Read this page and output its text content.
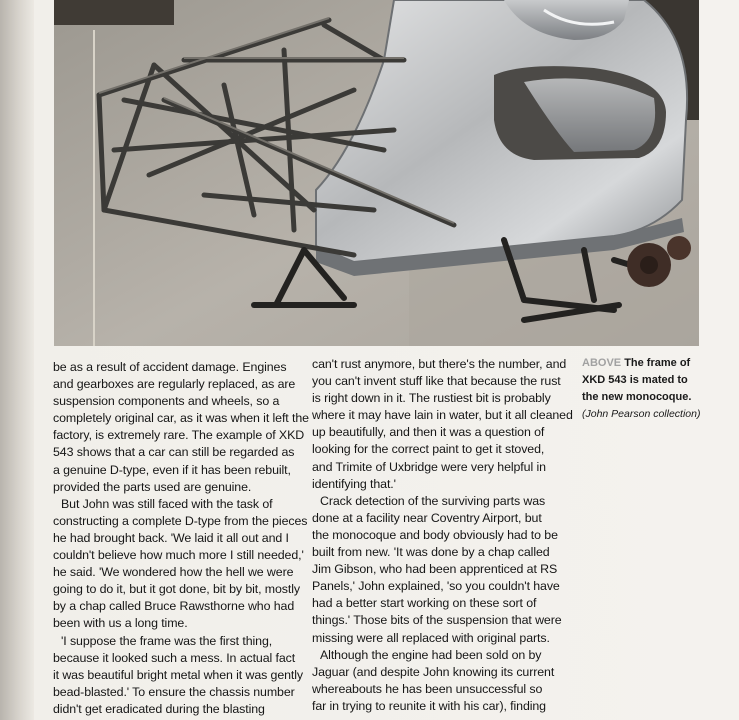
be as a result of accident damage. Engines
and gearboxes are regularly replaced, as are
suspension components and wheels, so a
completely original car, as it was when it left the
factory, is extremely rare. The example of XKD
543 shows that a car can still be regarded as
a genuine D-type, even if it has been rebuilt,
provided the parts used are genuine.
But John was still faced with the task of
constructing a complete D-type from the pieces
he had brought back. 'We laid it all out and I
couldn't believe how much more I still needed,'
he said. 'We wondered how the hell we were
going to do it, but it got done, bit by bit, mostly
by a chap called Bruce Rawsthorne who had
been with us a long time.
'I suppose the frame was the first thing,
because it looked such a mess. In actual fact
it was beautiful bright metal when it was gently
bead-blasted.' To ensure the chassis number
didn't get eradicated during the blasting
can't rust anymore, but there's the number, and
you can't invent stuff like that because the rust
is right down in it. The rustiest bit is probably
where it may have lain in water, but it all cleaned
up beautifully, and then it was a question of
looking for the correct paint to get it stoved,
and Trimite of Uxbridge were very helpful in
identifying that.'
Crack detection of the surviving parts was
done at a facility near Coventry Airport, but
the monocoque and body obviously had to be
built from new. 'It was done by a chap called
Jim Gibson, who had been apprenticed at RS
Panels,' John explained, 'so you couldn't have
had a better start working on these sort of
things.' Those bits of the suspension that were
missing were all replaced with original parts.
Although the engine had been sold on by
Jaguar (and despite John knowing its current
whereabouts he has been unsuccessful so
far in trying to reunite it with his car), finding
ABOVE The frame of
XKD 543 is mated to
the new monocoque.
(John Pearson collection)
